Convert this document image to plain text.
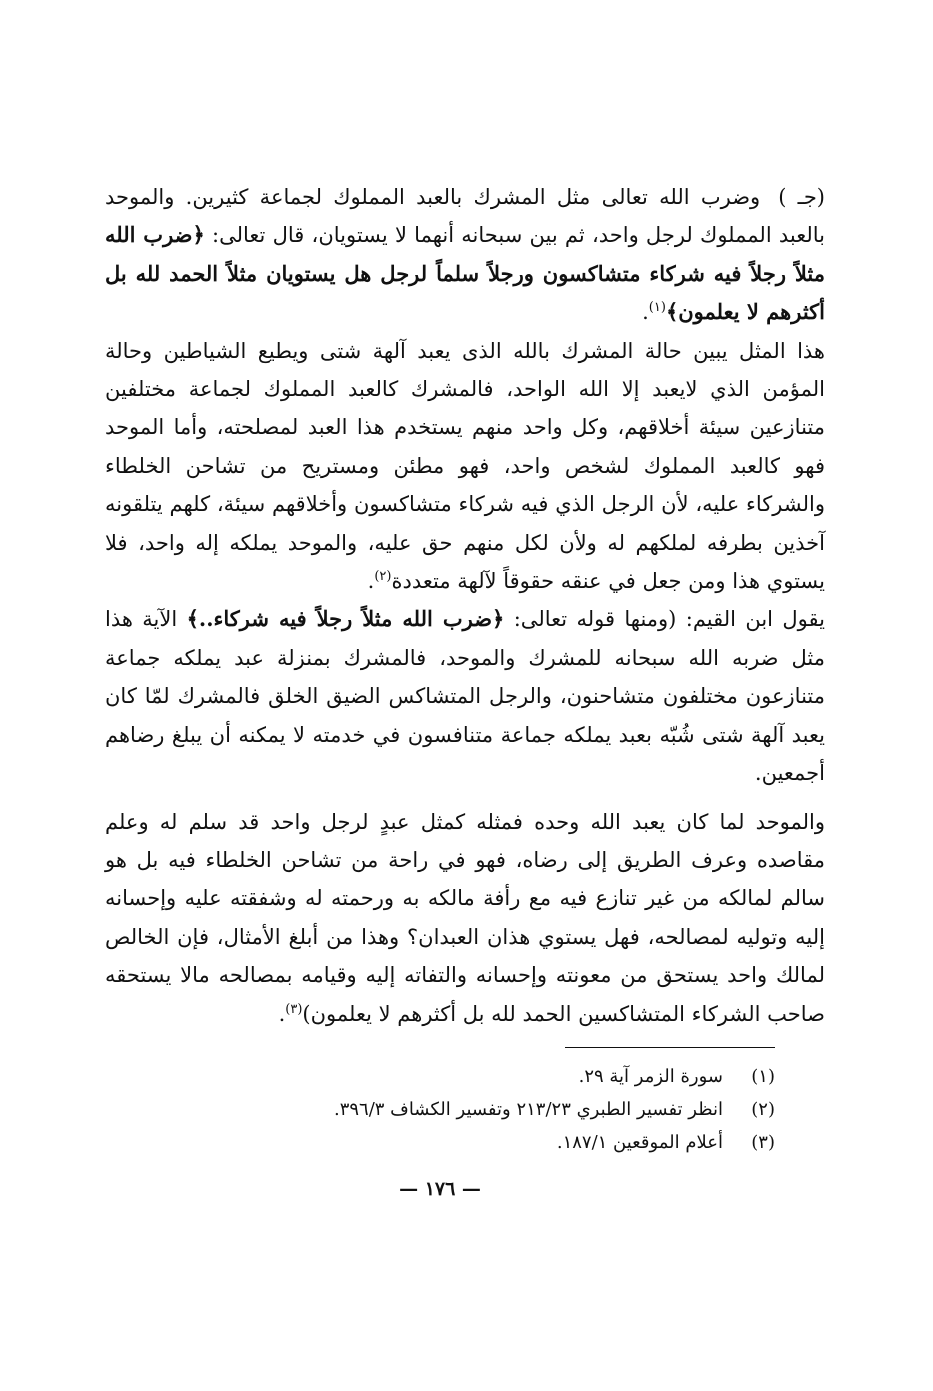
(جـ )وضرب الله تعالى مثل المشرك بالعبد المملوك لجماعة كثيرين. والموحد بالعبد المملوك لرجل واحد، ثم بين سبحانه أنهما لا يستويان، قال تعالى: ﴿ضرب الله مثلاً رجلاً فيه شركاء متشاكسون ورجلاً سلماً لرجل هل يستويان مثلاً الحمد لله بل أكثرهم لا يعلمون﴾$^{(١)}$.

هذا المثل يبين حالة المشرك بالله الذى يعبد آلهة شتى ويطيع الشياطين وحالة المؤمن الذي لايعبد إلا الله الواحد، فالمشرك كالعبد المملوك لجماعة مختلفين متنازعين سيئة أخلاقهم، وكل واحد منهم يستخدم هذا العبد لمصلحته، وأما الموحد فهو كالعبد المملوك لشخص واحد، فهو مطئن ومستريح من تشاحن الخلطاء والشركاء عليه، لأن الرجل الذي فيه شركاء متشاكسون وأخلاقهم سيئة، كلهم يتلقونه آخذين بطرفه لملكهم له ولأن لكل منهم حق عليه، والموحد يملكه إله واحد، فلا يستوي هذا ومن جعل في عنقه حقوقاً لآلهة متعددة$^{(٢)}$.

يقول ابن القيم: (ومنها قوله تعالى: ﴿ضرب الله مثلاً رجلاً فيه شركاء..﴾ الآية هذا مثل ضربه الله سبحانه للمشرك والموحد، فالمشرك بمنزلة عبد يملكه جماعة متنازعون مختلفون متشاحنون، والرجل المتشاكس الضيق الخلق فالمشرك لمّا كان يعبد آلهة شتى شُبّه بعبد يملكه جماعة متنافسون في خدمته لا يمكنه أن يبلغ رضاهم أجمعين.

والموحد لما كان يعبد الله وحده فمثله كمثل عبدٍ لرجل واحد قد سلم له وعلم مقاصده وعرف الطريق إلى رضاه، فهو في راحة من تشاحن الخلطاء فيه بل هو سالم لمالكه من غير تنازع فيه مع رأفة مالكه به ورحمته له وشفقته عليه وإحسانه إليه وتوليه لمصالحه، فهل يستوي هذان العبدان؟ وهذا من أبلغ الأمثال، فإن الخالص لمالك واحد يستحق من معونته وإحسانه والتفاته إليه وقيامه بمصالحه مالا يستحقه صاحب الشركاء المتشاكسين الحمد لله بل أكثرهم لا يعلمون)$^{(٣)}$.

(١)
سورة الزمر آية ٢٩.
(٢)
انظر تفسير الطبري ٢١٣/٢٣ وتفسير الكشاف ٣٩٦/٣.
(٣)
أعلام الموقعين ١٨٧/١.
— ١٧٦ —
